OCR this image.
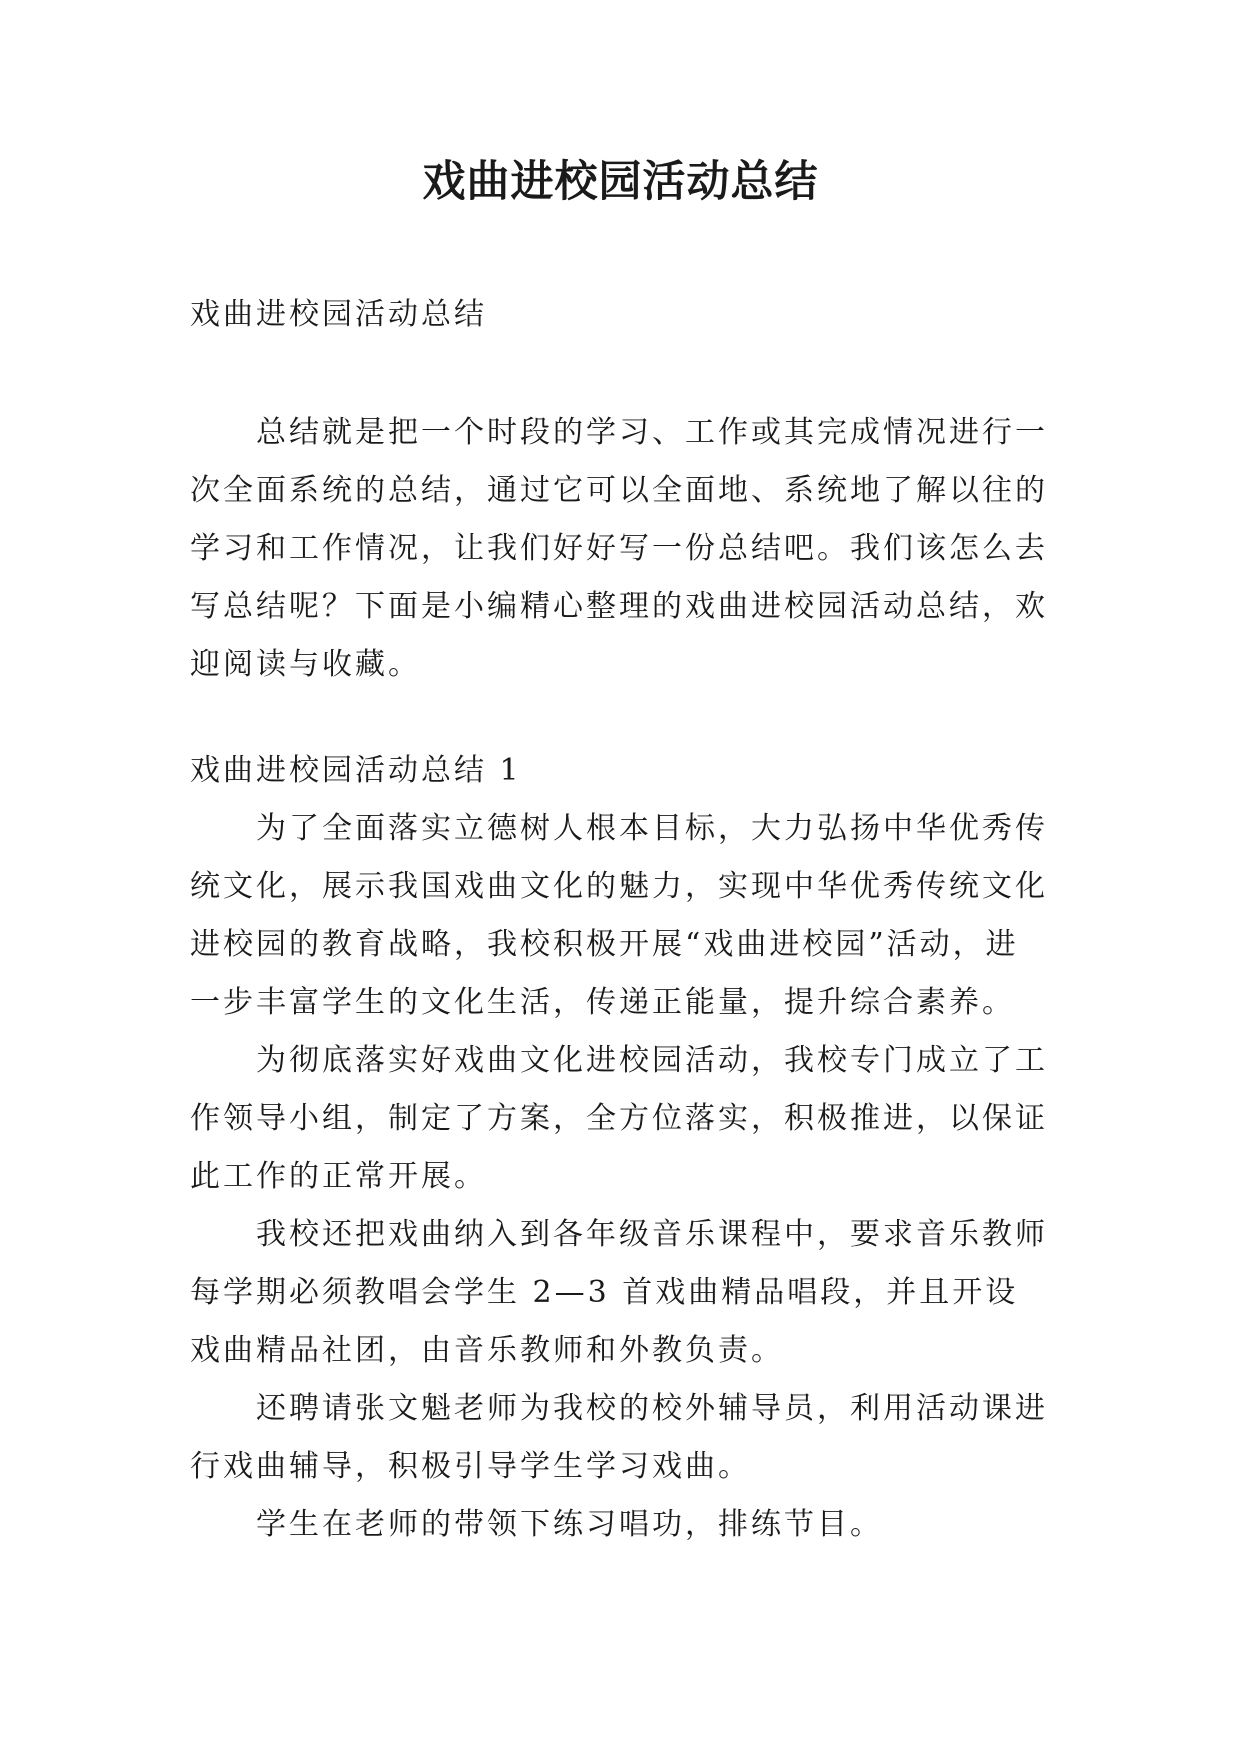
戏曲进校园活动总结

戏曲进校园活动总结

总结就是把一个时段的学习、工作或其完成情况进行一次全面系统的总结，通过它可以全面地、系统地了解以往的学习和工作情况，让我们好好写一份总结吧。我们该怎么去写总结呢？下面是小编精心整理的戏曲进校园活动总结，欢迎阅读与收藏。

戏曲进校园活动总结 1

为了全面落实立德树人根本目标，大力弘扬中华优秀传统文化，展示我国戏曲文化的魅力，实现中华优秀传统文化进校园的教育战略，我校积极开展“戏曲进校园”活动，进一步丰富学生的文化生活，传递正能量，提升综合素养。

为彻底落实好戏曲文化进校园活动，我校专门成立了工作领导小组，制定了方案，全方位落实，积极推进，以保证此工作的正常开展。

我校还把戏曲纳入到各年级音乐课程中，要求音乐教师每学期必须教唱会学生 2—3 首戏曲精品唱段，并且开设戏曲精品社团，由音乐教师和外教负责。

还聘请张文魁老师为我校的校外辅导员，利用活动课进行戏曲辅导，积极引导学生学习戏曲。

学生在老师的带领下练习唱功，排练节目。
